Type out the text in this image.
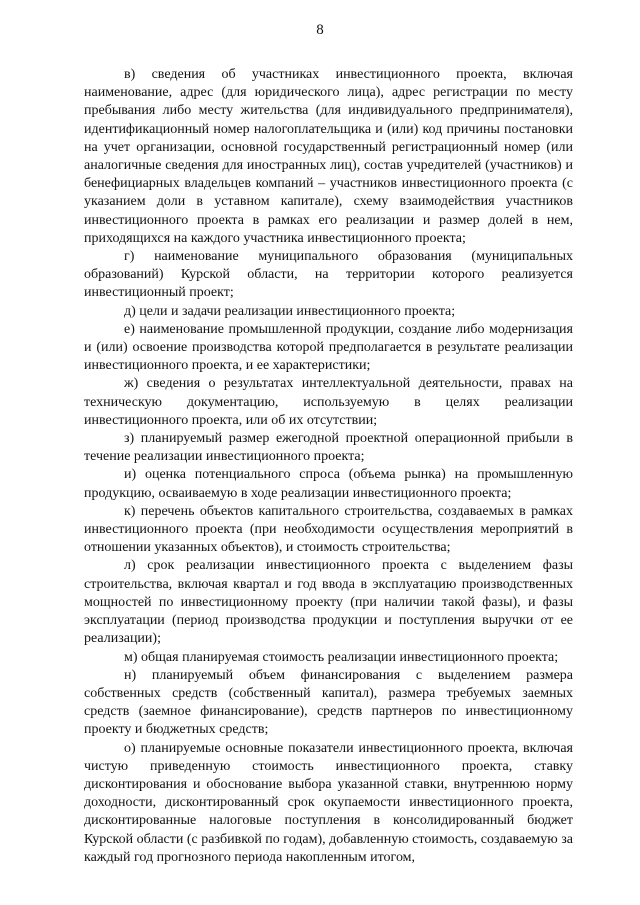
8

в) сведения об участниках инвестиционного проекта, включая наименование, адрес (для юридического лица), адрес регистрации по месту пребывания либо месту жительства (для индивидуального предпринимателя), идентификационный номер налогоплательщика и (или) код причины постановки на учет организации, основной государственный регистрационный номер (или аналогичные сведения для иностранных лиц), состав учредителей (участников) и бенефициарных владельцев компаний – участников инвестиционного проекта (с указанием доли в уставном капитале), схему взаимодействия участников инвестиционного проекта в рамках его реализации и размер долей в нем, приходящихся на каждого участника инвестиционного проекта;

г) наименование муниципального образования (муниципальных образований) Курской области, на территории которого реализуется инвестиционный проект;

д) цели и задачи реализации инвестиционного проекта;

е) наименование промышленной продукции, создание либо модернизация и (или) освоение производства которой предполагается в результате реализации инвестиционного проекта, и ее характеристики;

ж) сведения о результатах интеллектуальной деятельности, правах на техническую документацию, используемую в целях реализации инвестиционного проекта, или об их отсутствии;

з) планируемый размер ежегодной проектной операционной прибыли в течение реализации инвестиционного проекта;

и) оценка потенциального спроса (объема рынка) на промышленную продукцию, осваиваемую в ходе реализации инвестиционного проекта;

к) перечень объектов капитального строительства, создаваемых в рамках инвестиционного проекта (при необходимости осуществления мероприятий в отношении указанных объектов), и стоимость строительства;

л) срок реализации инвестиционного проекта с выделением фазы строительства, включая квартал и год ввода в эксплуатацию производственных мощностей по инвестиционному проекту (при наличии такой фазы), и фазы эксплуатации (период производства продукции и поступления выручки от ее реализации);

м) общая планируемая стоимость реализации инвестиционного проекта;

н) планируемый объем финансирования с выделением размера собственных средств (собственный капитал), размера требуемых заемных средств (заемное финансирование), средств партнеров по инвестиционному проекту и бюджетных средств;

о) планируемые основные показатели инвестиционного проекта, включая чистую приведенную стоимость инвестиционного проекта, ставку дисконтирования и обоснование выбора указанной ставки, внутреннюю норму доходности, дисконтированный срок окупаемости инвестиционного проекта, дисконтированные налоговые поступления в консолидированный бюджет Курской области (с разбивкой по годам), добавленную стоимость, создаваемую за каждый год прогнозного периода накопленным итогом,
